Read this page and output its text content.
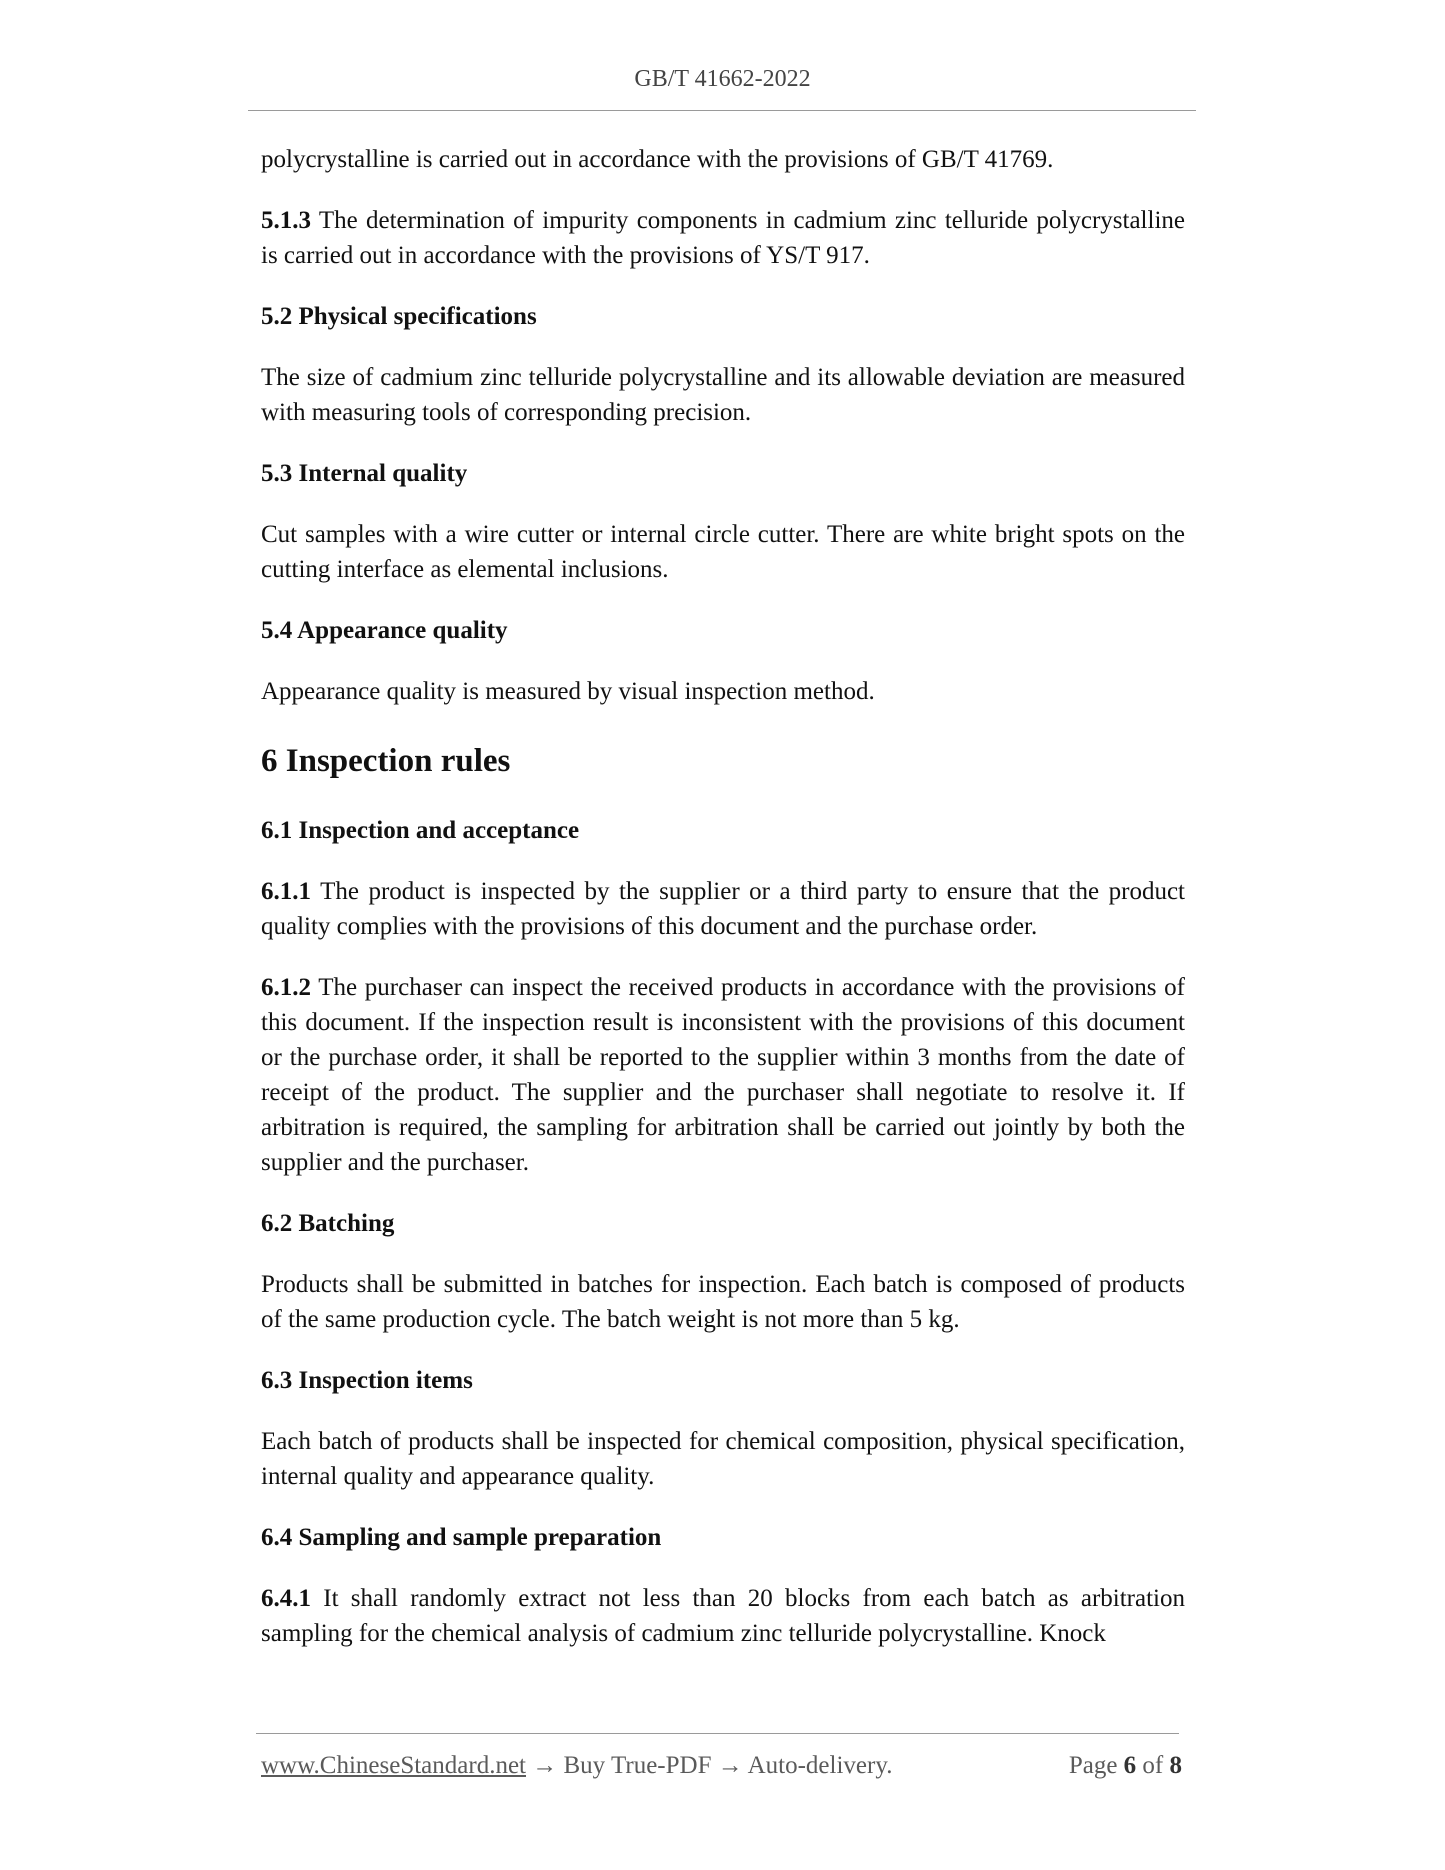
GB/T 41662-2022

polycrystalline is carried out in accordance with the provisions of GB/T 41769.

5.1.3 The determination of impurity components in cadmium zinc telluride polycrystalline is carried out in accordance with the provisions of YS/T 917.

5.2 Physical specifications

The size of cadmium zinc telluride polycrystalline and its allowable deviation are measured with measuring tools of corresponding precision.

5.3 Internal quality

Cut samples with a wire cutter or internal circle cutter. There are white bright spots on the cutting interface as elemental inclusions.

5.4 Appearance quality

Appearance quality is measured by visual inspection method.

6 Inspection rules
6.1 Inspection and acceptance

6.1.1 The product is inspected by the supplier or a third party to ensure that the product quality complies with the provisions of this document and the purchase order.

6.1.2 The purchaser can inspect the received products in accordance with the provisions of this document. If the inspection result is inconsistent with the provisions of this document or the purchase order, it shall be reported to the supplier within 3 months from the date of receipt of the product. The supplier and the purchaser shall negotiate to resolve it. If arbitration is required, the sampling for arbitration shall be carried out jointly by both the supplier and the purchaser.

6.2 Batching

Products shall be submitted in batches for inspection. Each batch is composed of products of the same production cycle. The batch weight is not more than 5 kg.

6.3 Inspection items

Each batch of products shall be inspected for chemical composition, physical specification, internal quality and appearance quality.

6.4 Sampling and sample preparation

6.4.1 It shall randomly extract not less than 20 blocks from each batch as arbitration sampling for the chemical analysis of cadmium zinc telluride polycrystalline. Knock

www.ChineseStandard.net → Buy True-PDF → Auto-delivery.	Page 6 of 8
